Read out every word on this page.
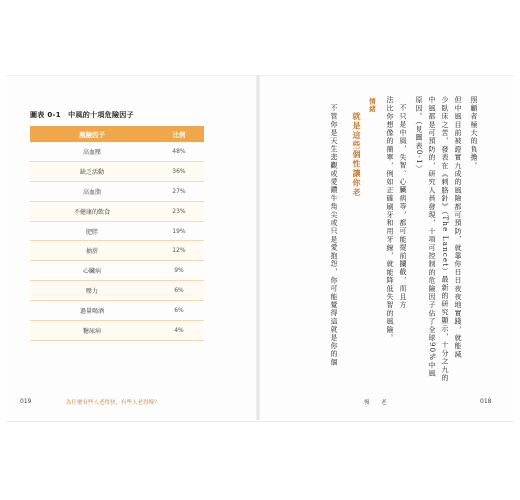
圖表 0-1　中風的十項危險因子
風險因子	比例
高血壓	48%
缺乏活動	36%
高血脂	27%
不健康的飲食	23%
肥胖	19%
抽菸	12%
心臟病	9%
壓力	6%
過量喝酒	6%
糖尿病	4%
019	為什麼有些人老得快，有些人老得慢？
照顧者極大的負擔。
但中風目前被證實九成的風險都可預防，就靠你日日夜夜地實踐，就能減
少臥床之苦，發表在《刺胳針》（The Lancet）最新的研究顯示，十分之九的
中風都是可預防的，研究人員發現，十項可控制的危險因子佔了全球90%中風
原因。（見圖表0-1）
不只是中風，失智、心臟病等，都可能提前攔截，而且方
法比你想像的簡單，例如正確刷牙和用牙線，就能降低失智的風險。
情緒
就是這些個性讓你老
不管你是天生悲觀或愛鑽牛角尖或只是愛抱怨，你可能覺得這就是你的個
慢　老	018
